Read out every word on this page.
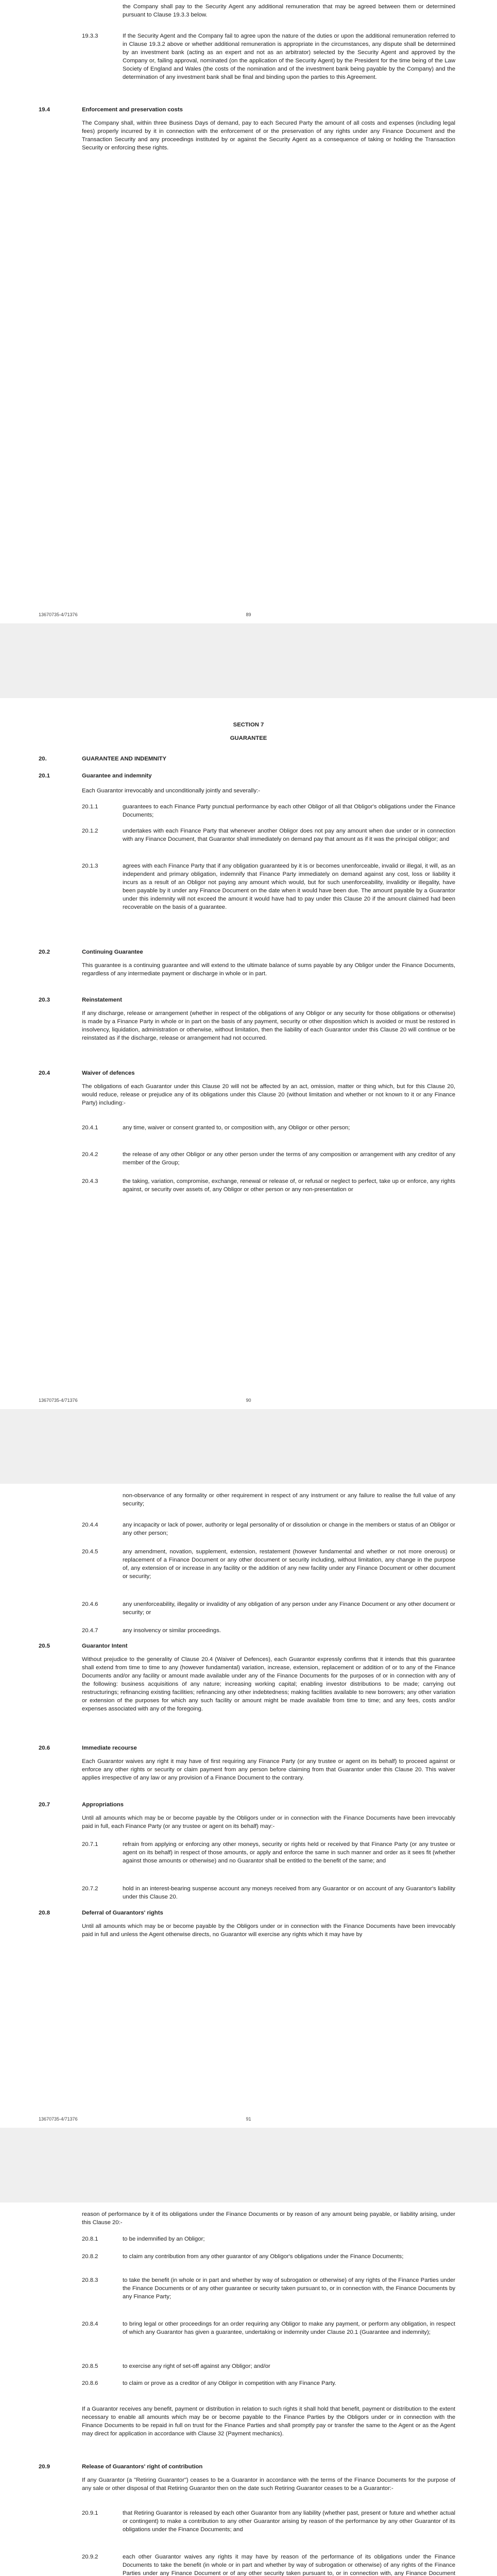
the Company shall pay to the Security Agent any additional remuneration that may be agreed between them or determined pursuant to Clause 19.3.3 below.

19.3.3	If the Security Agent and the Company fail to agree upon the nature of the duties or upon the additional remuneration referred to in Clause 19.3.2 above or whether additional remuneration is appropriate in the circumstances, any dispute shall be determined by an investment bank (acting as an expert and not as an arbitrator) selected by the Security Agent and approved by the Company or, failing approval, nominated (on the application of the Security Agent) by the President for the time being of the Law Society of England and Wales (the costs of the nomination and of the investment bank being payable by the Company) and the determination of any investment bank shall be final and binding upon the parties to this Agreement.

19.4	Enforcement and preservation costs

The Company shall, within three Business Days of demand, pay to each Secured Party the amount of all costs and expenses (including legal fees) properly incurred by it in connection with the enforcement of or the preservation of any rights under any Finance Document and the Transaction Security and any proceedings instituted by or against the Security Agent as a consequence of taking or holding the Transaction Security or enforcing these rights.

13670735-4/71376	89
SECTION 7
GUARANTEE
20.	GUARANTEE AND INDEMNITY
20.1	Guarantee and indemnity

Each Guarantor irrevocably and unconditionally jointly and severally:-

20.1.1	guarantees to each Finance Party punctual performance by each other Obligor of all that Obligor's obligations under the Finance Documents;

20.1.2	undertakes with each Finance Party that whenever another Obligor does not pay any amount when due under or in connection with any Finance Document, that Guarantor shall immediately on demand pay that amount as if it was the principal obligor; and

20.1.3	agrees with each Finance Party that if any obligation guaranteed by it is or becomes unenforceable, invalid or illegal, it will, as an independent and primary obligation, indemnify that Finance Party immediately on demand against any cost, loss or liability it incurs as a result of an Obligor not paying any amount which would, but for such unenforceability, invalidity or illegality, have been payable by it under any Finance Document on the date when it would have been due. The amount payable by a Guarantor under this indemnity will not exceed the amount it would have had to pay under this Clause 20 if the amount claimed had been recoverable on the basis of a guarantee.

20.2	Continuing Guarantee

This guarantee is a continuing guarantee and will extend to the ultimate balance of sums payable by any Obligor under the Finance Documents, regardless of any intermediate payment or discharge in whole or in part.

20.3	Reinstatement

If any discharge, release or arrangement (whether in respect of the obligations of any Obligor or any security for those obligations or otherwise) is made by a Finance Party in whole or in part on the basis of any payment, security or other disposition which is avoided or must be restored in insolvency, liquidation, administration or otherwise, without limitation, then the liability of each Guarantor under this Clause 20 will continue or be reinstated as if the discharge, release or arrangement had not occurred.

20.4	Waiver of defences

The obligations of each Guarantor under this Clause 20 will not be affected by an act, omission, matter or thing which, but for this Clause 20, would reduce, release or prejudice any of its obligations under this Clause 20 (without limitation and whether or not known to it or any Finance Party) including:-

20.4.1	any time, waiver or consent granted to, or composition with, any Obligor or other person;

20.4.2	the release of any other Obligor or any other person under the terms of any composition or arrangement with any creditor of any member of the Group;

20.4.3	the taking, variation, compromise, exchange, renewal or release of, or refusal or neglect to perfect, take up or enforce, any rights against, or security over assets of, any Obligor or other person or any non-presentation or

13670735-4/71376	90

non-observance of any formality or other requirement in respect of any instrument or any failure to realise the full value of any security;

20.4.4	any incapacity or lack of power, authority or legal personality of or dissolution or change in the members or status of an Obligor or any other person;

20.4.5	any amendment, novation, supplement, extension, restatement (however fundamental and whether or not more onerous) or replacement of a Finance Document or any other document or security including, without limitation, any change in the purpose of, any extension of or increase in any facility or the addition of any new facility under any Finance Document or other document or security;

20.4.6	any unenforceability, illegality or invalidity of any obligation of any person under any Finance Document or any other document or security; or

20.4.7	any insolvency or similar proceedings.

20.5	Guarantor Intent

Without prejudice to the generality of Clause 20.4 (Waiver of Defences), each Guarantor expressly confirms that it intends that this guarantee shall extend from time to time to any (however fundamental) variation, increase, extension, replacement or addition of or to any of the Finance Documents and/or any facility or amount made available under any of the Finance Documents for the purposes of or in connection with any of the following: business acquisitions of any nature; increasing working capital; enabling investor distributions to be made; carrying out restructurings; refinancing existing facilities; refinancing any other indebtedness; making facilities available to new borrowers; any other variation or extension of the purposes for which any such facility or amount might be made available from time to time; and any fees, costs and/or expenses associated with any of the foregoing.

20.6	Immediate recourse

Each Guarantor waives any right it may have of first requiring any Finance Party (or any trustee or agent on its behalf) to proceed against or enforce any other rights or security or claim payment from any person before claiming from that Guarantor under this Clause 20. This waiver applies irrespective of any law or any provision of a Finance Document to the contrary.

20.7	Appropriations

Until all amounts which may be or become payable by the Obligors under or in connection with the Finance Documents have been irrevocably paid in full, each Finance Party (or any trustee or agent on its behalf) may:-

20.7.1	refrain from applying or enforcing any other moneys, security or rights held or received by that Finance Party (or any trustee or agent on its behalf) in respect of those amounts, or apply and enforce the same in such manner and order as it sees fit (whether against those amounts or otherwise) and no Guarantor shall be entitled to the benefit of the same; and

20.7.2	hold in an interest-bearing suspense account any moneys received from any Guarantor or on account of any Guarantor's liability under this Clause 20.

20.8	Deferral of Guarantors' rights

Until all amounts which may be or become payable by the Obligors under or in connection with the Finance Documents have been irrevocably paid in full and unless the Agent otherwise directs, no Guarantor will exercise any rights which it may have by

13670735-4/71376	91

reason of performance by it of its obligations under the Finance Documents or by reason of any amount being payable, or liability arising, under this Clause 20:-

20.8.1	to be indemnified by an Obligor;

20.8.2	to claim any contribution from any other guarantor of any Obligor's obligations under the Finance Documents;

20.8.3	to take the benefit (in whole or in part and whether by way of subrogation or otherwise) of any rights of the Finance Parties under the Finance Documents or of any other guarantee or security taken pursuant to, or in connection with, the Finance Documents by any Finance Party;

20.8.4	to bring legal or other proceedings for an order requiring any Obligor to make any payment, or perform any obligation, in respect of which any Guarantor has given a guarantee, undertaking or indemnity under Clause 20.1 (Guarantee and indemnity);

20.8.5	to exercise any right of set-off against any Obligor; and/or

20.8.6	to claim or prove as a creditor of any Obligor in competition with any Finance Party.

If a Guarantor receives any benefit, payment or distribution in relation to such rights it shall hold that benefit, payment or distribution to the extent necessary to enable all amounts which may be or become payable to the Finance Parties by the Obligors under or in connection with the Finance Documents to be repaid in full on trust for the Finance Parties and shall promptly pay or transfer the same to the Agent or as the Agent may direct for application in accordance with Clause 32 (Payment mechanics).

20.9	Release of Guarantors' right of contribution

If any Guarantor (a "Retiring Guarantor") ceases to be a Guarantor in accordance with the terms of the Finance Documents for the purpose of any sale or other disposal of that Retiring Guarantor then on the date such Retiring Guarantor ceases to be a Guarantor:-

20.9.1	that Retiring Guarantor is released by each other Guarantor from any liability (whether past, present or future and whether actual or contingent) to make a contribution to any other Guarantor arising by reason of the performance by any other Guarantor of its obligations under the Finance Documents; and

20.9.2	each other Guarantor waives any rights it may have by reason of the performance of its obligations under the Finance Documents to take the benefit (in whole or in part and whether by way of subrogation or otherwise) of any rights of the Finance Parties under any Finance Document or of any other security taken pursuant to, or in connection with, any Finance Document
